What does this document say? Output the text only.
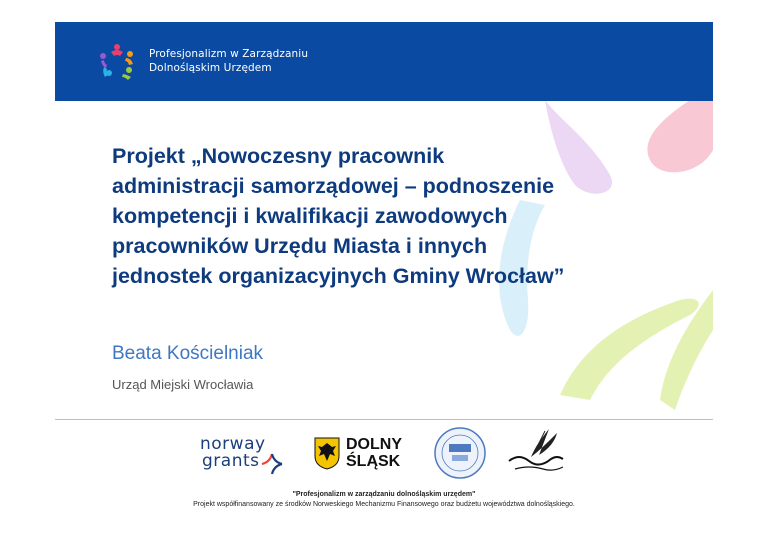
Profesjonalizm w Zarządzaniu
Dolnośląskim Urzędem
Projekt „Nowoczesny pracownik
administracji samorządowej – podnoszenie
kompetencji i kwalifikacji zawodowych
pracowników Urzędu Miasta i innych
jednostek organizacyjnych Gminy Wrocław”
Beata Kościelniak
Urząd Miejski Wrocławia
norway
grants
DOLNY
ŚLĄSK
"Profesjonalizm w zarządzaniu dolnośląskim urzędem"
Projekt współfinansowany ze środków Norweskiego Mechanizmu Finansowego oraz budżetu województwa dolnośląskiego.
